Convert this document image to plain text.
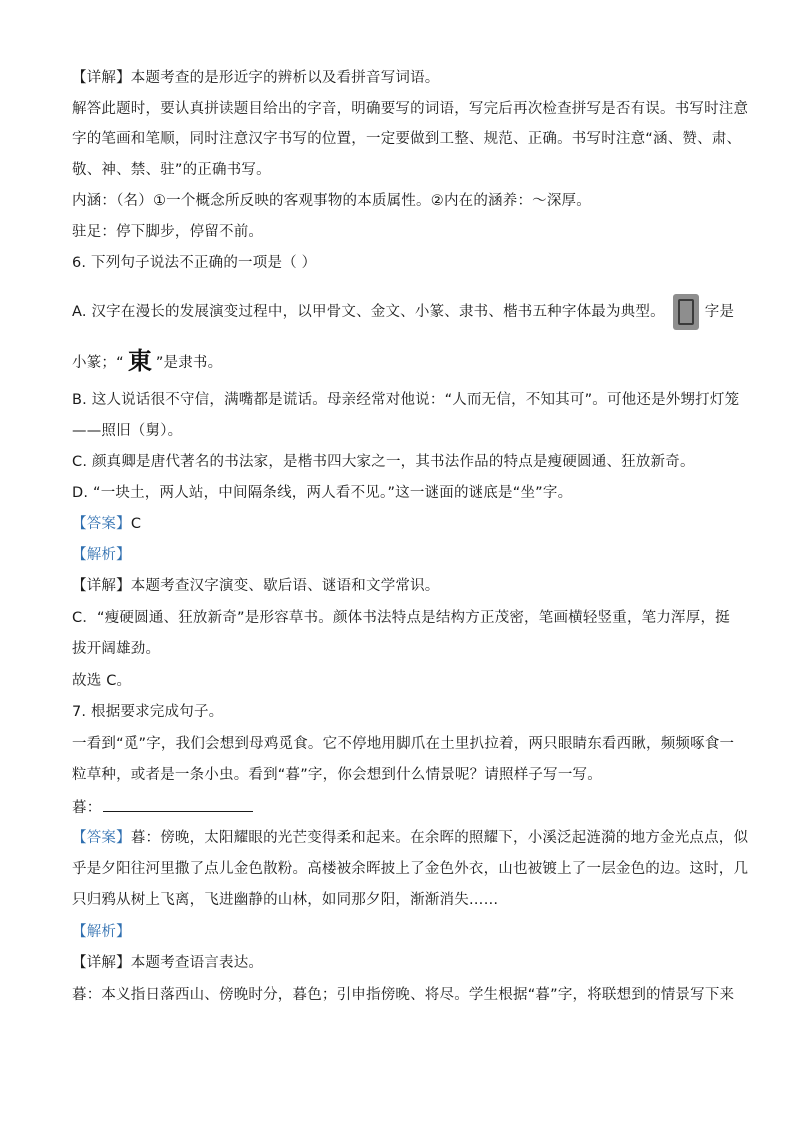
【详解】本题考查的是形近字的辨析以及看拼音写词语。
解答此题时，要认真拼读题目给出的字音，明确要写的词语，写完后再次检查拼写是否有误。书写时注意
字的笔画和笔顺，同时注意汉字书写的位置，一定要做到工整、规范、正确。书写时注意“涵、赞、肃、
敬、神、禁、驻”的正确书写。
内涵：（名）①一个概念所反映的客观事物的本质属性。②内在的涵养：～深厚。
驻足：停下脚步，停留不前。
6. 下列句子说法不正确的一项是（ ）
A. 汉字在漫长的发展演变过程中，以甲骨文、金文、小篆、隶书、楷书五种字体最为典型。	字是
小篆；“ 東 ”是隶书。
B. 这人说话很不守信，满嘴都是谎话。母亲经常对他说：“人而无信，不知其可”。可他还是外甥打灯笼
——照旧（舅）。
C. 颜真卿是唐代著名的书法家，是楷书四大家之一，其书法作品的特点是瘦硬圆通、狂放新奇。
D. “一块土，两人站，中间隔条线，两人看不见。”这一谜面的谜底是“坐”字。
【答案】C
【解析】
【详解】本题考查汉字演变、歇后语、谜语和文学常识。
C．“瘦硬圆通、狂放新奇”是形容草书。颜体书法特点是结构方正茂密，笔画横轻竖重，笔力浑厚，挺
拔开阔雄劲。
故选 C。
7. 根据要求完成句子。
一看到“觅”字，我们会想到母鸡觅食。它不停地用脚爪在土里扒拉着，两只眼睛东看西瞅，频频啄食一
粒草种，或者是一条小虫。看到“暮”字，你会想到什么情景呢？请照样子写一写。
暮：
【答案】暮：傍晚，太阳耀眼的光芒变得柔和起来。在余晖的照耀下，小溪泛起涟漪的地方金光点点，似
乎是夕阳往河里撒了点儿金色散粉。高楼被余晖披上了金色外衣，山也被镀上了一层金色的边。这时，几
只归鸦从树上飞离，飞进幽静的山林，如同那夕阳，渐渐消失……
【解析】
【详解】本题考查语言表达。
暮：本义指日落西山、傍晚时分，暮色；引申指傍晚、将尽。学生根据“暮”字，将联想到的情景写下来
